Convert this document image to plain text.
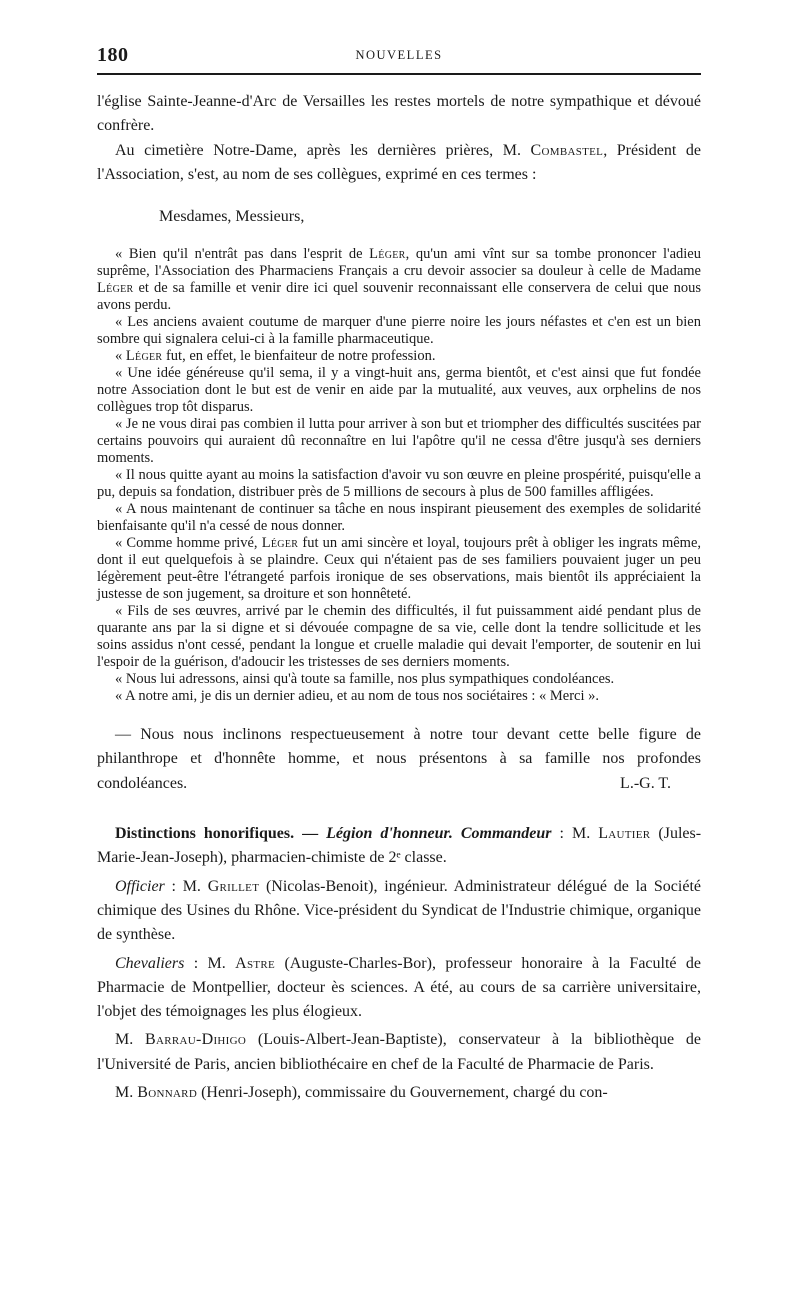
180	NOUVELLES

l'église Sainte-Jeanne-d'Arc de Versailles les restes mortels de notre sympathique et dévoué confrère.

Au cimetière Notre-Dame, après les dernières prières, M. Combastel, Président de l'Association, s'est, au nom de ses collègues, exprimé en ces termes :

Mesdames, Messieurs,

« Bien qu'il n'entrât pas dans l'esprit de Léger, qu'un ami vînt sur sa tombe prononcer l'adieu suprême, l'Association des Pharmaciens Français a cru devoir associer sa douleur à celle de Madame Léger et de sa famille et venir dire ici quel souvenir reconnaissant elle conservera de celui que nous avons perdu.

« Les anciens avaient coutume de marquer d'une pierre noire les jours néfastes et c'en est un bien sombre qui signalera celui-ci à la famille pharmaceutique.

« Léger fut, en effet, le bienfaiteur de notre profession.

« Une idée généreuse qu'il sema, il y a vingt-huit ans, germa bientôt, et c'est ainsi que fut fondée notre Association dont le but est de venir en aide par la mutualité, aux veuves, aux orphelins de nos collègues trop tôt disparus.

« Je ne vous dirai pas combien il lutta pour arriver à son but et triompher des difficultés suscitées par certains pouvoirs qui auraient dû reconnaître en lui l'apôtre qu'il ne cessa d'être jusqu'à ses derniers moments.

« Il nous quitte ayant au moins la satisfaction d'avoir vu son œuvre en pleine prospérité, puisqu'elle a pu, depuis sa fondation, distribuer près de 5 millions de secours à plus de 500 familles affligées.

« A nous maintenant de continuer sa tâche en nous inspirant pieusement des exemples de solidarité bienfaisante qu'il n'a cessé de nous donner.

« Comme homme privé, Léger fut un ami sincère et loyal, toujours prêt à obliger les ingrats même, dont il eut quelquefois à se plaindre. Ceux qui n'étaient pas de ses familiers pouvaient juger un peu légèrement peut-être l'étrangeté parfois ironique de ses observations, mais bientôt ils appréciaient la justesse de son jugement, sa droiture et son honnêteté.

« Fils de ses œuvres, arrivé par le chemin des difficultés, il fut puissamment aidé pendant plus de quarante ans par la si digne et si dévouée compagne de sa vie, celle dont la tendre sollicitude et les soins assidus n'ont cessé, pendant la longue et cruelle maladie qui devait l'emporter, de soutenir en lui l'espoir de la guérison, d'adoucir les tristesses de ses derniers moments.

« Nous lui adressons, ainsi qu'à toute sa famille, nos plus sympathiques condoléances.

« A notre ami, je dis un dernier adieu, et au nom de tous nos sociétaires : « Merci ».

— Nous nous inclinons respectueusement à notre tour devant cette belle figure de philanthrope et d'honnête homme, et nous présentons à sa famille nos profondes condoléances.	L.-G. T.

Distinctions honorifiques. — Légion d'honneur. Commandeur : M. Lautier (Jules-Marie-Jean-Joseph), pharmacien-chimiste de 2ᵉ classe.

Officier : M. Grillet (Nicolas-Benoit), ingénieur. Administrateur délégué de la Société chimique des Usines du Rhône. Vice-président du Syndicat de l'Industrie chimique, organique de synthèse.

Chevaliers : M. Astre (Auguste-Charles-Bor), professeur honoraire à la Faculté de Pharmacie de Montpellier, docteur ès sciences. A été, au cours de sa carrière universitaire, l'objet des témoignages les plus élogieux.

M. Barrau-Dihigo (Louis-Albert-Jean-Baptiste), conservateur à la bibliothèque de l'Université de Paris, ancien bibliothécaire en chef de la Faculté de Pharmacie de Paris.

M. Bonnard (Henri-Joseph), commissaire du Gouvernement, chargé du con-
